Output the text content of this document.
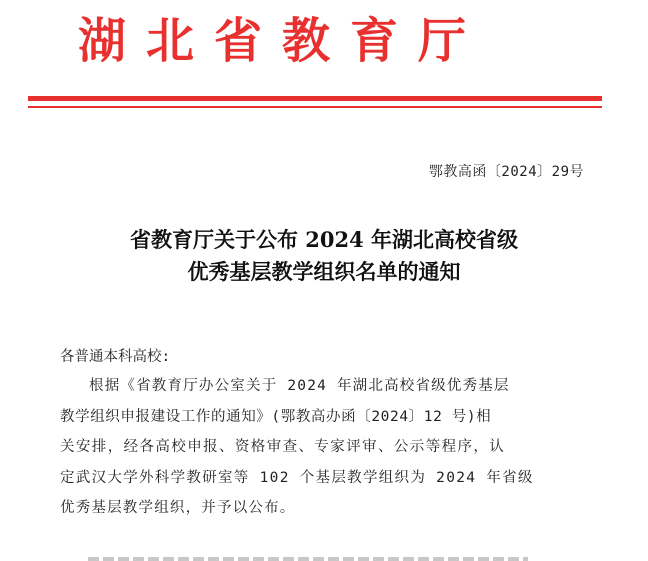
湖北省教育厅
鄂教高函〔2024〕29号
省教育厅关于公布 2024 年湖北高校省级
优秀基层教学组织名单的通知

各普通本科高校:

根据《省教育厅办公室关于 2024 年湖北高校省级优秀基层
教学组织申报建设工作的通知》(鄂教高办函〔2024〕12 号)相
关安排，经各高校申报、资格审查、专家评审、公示等程序，认
定武汉大学外科学教研室等 102 个基层教学组织为 2024 年省级
优秀基层教学组织，并予以公布。
